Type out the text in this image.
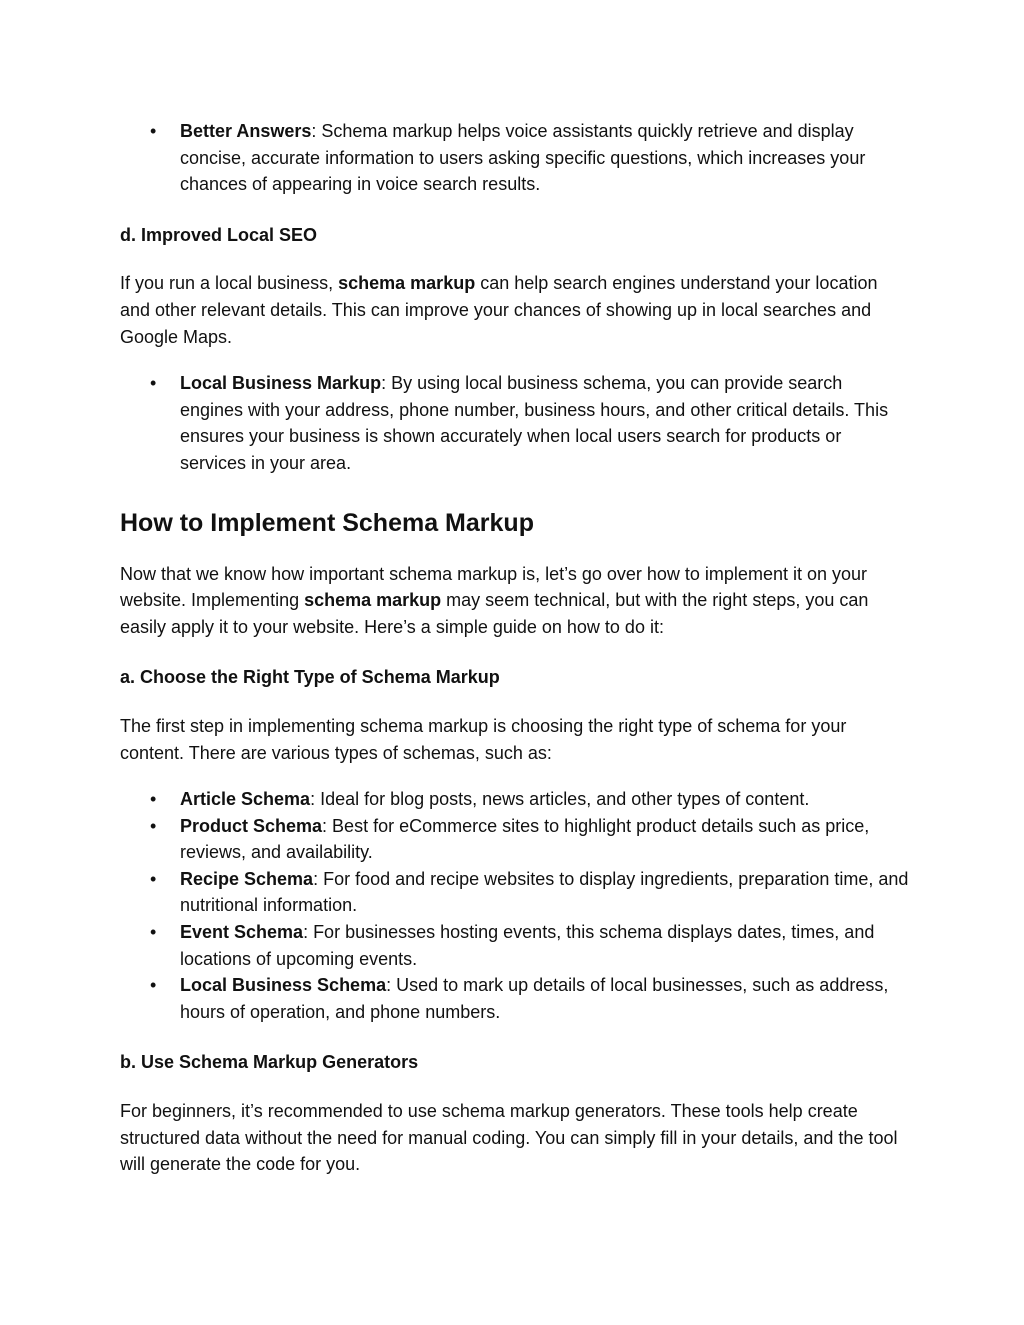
• Better Answers: Schema markup helps voice assistants quickly retrieve and display concise, accurate information to users asking specific questions, which increases your chances of appearing in voice search results.

d. Improved Local SEO

If you run a local business, schema markup can help search engines understand your location and other relevant details. This can improve your chances of showing up in local searches and Google Maps.

• Local Business Markup: By using local business schema, you can provide search engines with your address, phone number, business hours, and other critical details. This ensures your business is shown accurately when local users search for products or services in your area.

How to Implement Schema Markup

Now that we know how important schema markup is, let’s go over how to implement it on your website. Implementing schema markup may seem technical, but with the right steps, you can easily apply it to your website. Here’s a simple guide on how to do it:

a. Choose the Right Type of Schema Markup

The first step in implementing schema markup is choosing the right type of schema for your content. There are various types of schemas, such as:

• Article Schema: Ideal for blog posts, news articles, and other types of content.
• Product Schema: Best for eCommerce sites to highlight product details such as price, reviews, and availability.
• Recipe Schema: For food and recipe websites to display ingredients, preparation time, and nutritional information.
• Event Schema: For businesses hosting events, this schema displays dates, times, and locations of upcoming events.
• Local Business Schema: Used to mark up details of local businesses, such as address, hours of operation, and phone numbers.

b. Use Schema Markup Generators

For beginners, it’s recommended to use schema markup generators. These tools help create structured data without the need for manual coding. You can simply fill in your details, and the tool will generate the code for you.
